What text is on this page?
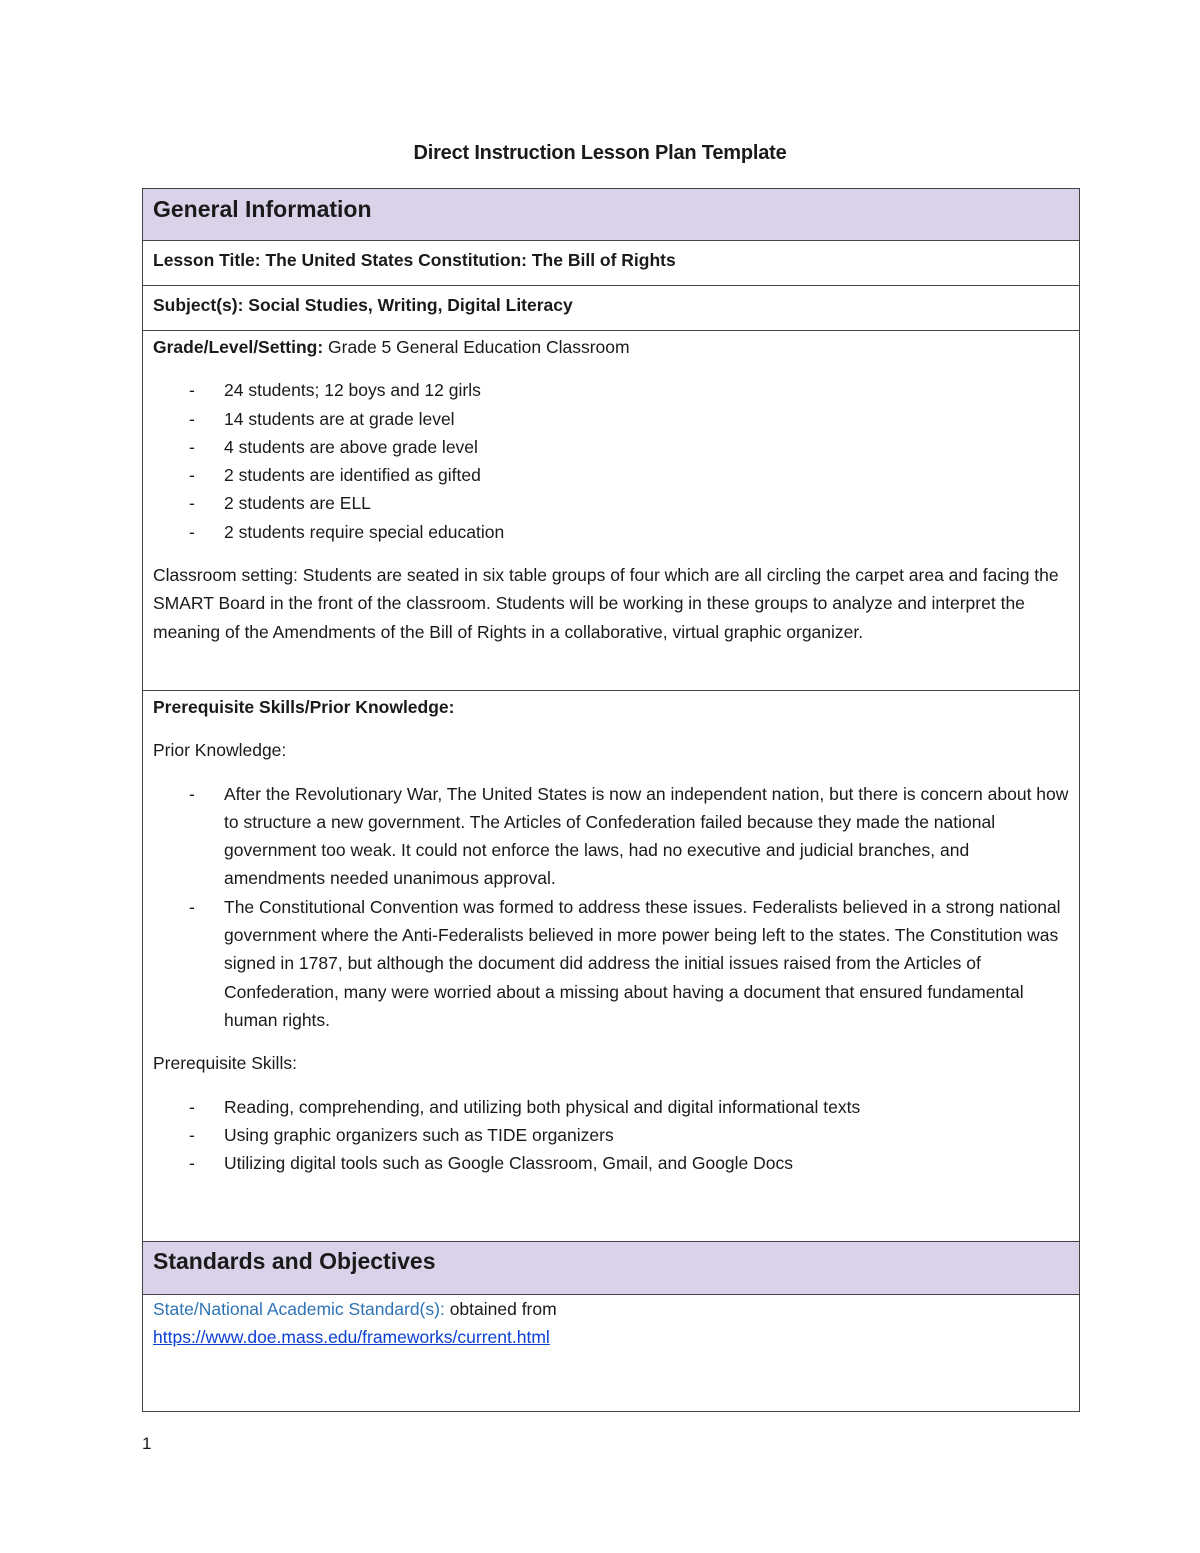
Direct Instruction Lesson Plan Template
General Information
Lesson Title: The United States Constitution: The Bill of Rights
Subject(s): Social Studies, Writing, Digital Literacy

Grade/Level/Setting: Grade 5 General Education Classroom

- 24 students; 12 boys and 12 girls
- 14 students are at grade level
- 4 students are above grade level
- 2 students are identified as gifted
- 2 students are ELL
- 2 students require special education

Classroom setting: Students are seated in six table groups of four which are all circling the carpet area and facing the SMART Board in the front of the classroom. Students will be working in these groups to analyze and interpret the meaning of the Amendments of the Bill of Rights in a collaborative, virtual graphic organizer.

Prerequisite Skills/Prior Knowledge:

Prior Knowledge:

- After the Revolutionary War, The United States is now an independent nation, but there is concern about how to structure a new government. The Articles of Confederation failed because they made the national government too weak. It could not enforce the laws, had no executive and judicial branches, and amendments needed unanimous approval.
- The Constitutional Convention was formed to address these issues. Federalists believed in a strong national government where the Anti-Federalists believed in more power being left to the states. The Constitution was signed in 1787, but although the document did address the initial issues raised from the Articles of Confederation, many were worried about a missing about having a document that ensured fundamental human rights.

Prerequisite Skills:

- Reading, comprehending, and utilizing both physical and digital informational texts
- Using graphic organizers such as TIDE organizers
- Utilizing digital tools such as Google Classroom, Gmail, and Google Docs

Standards and Objectives

State/National Academic Standard(s): obtained from

https://www.doe.mass.edu/frameworks/current.html

1
